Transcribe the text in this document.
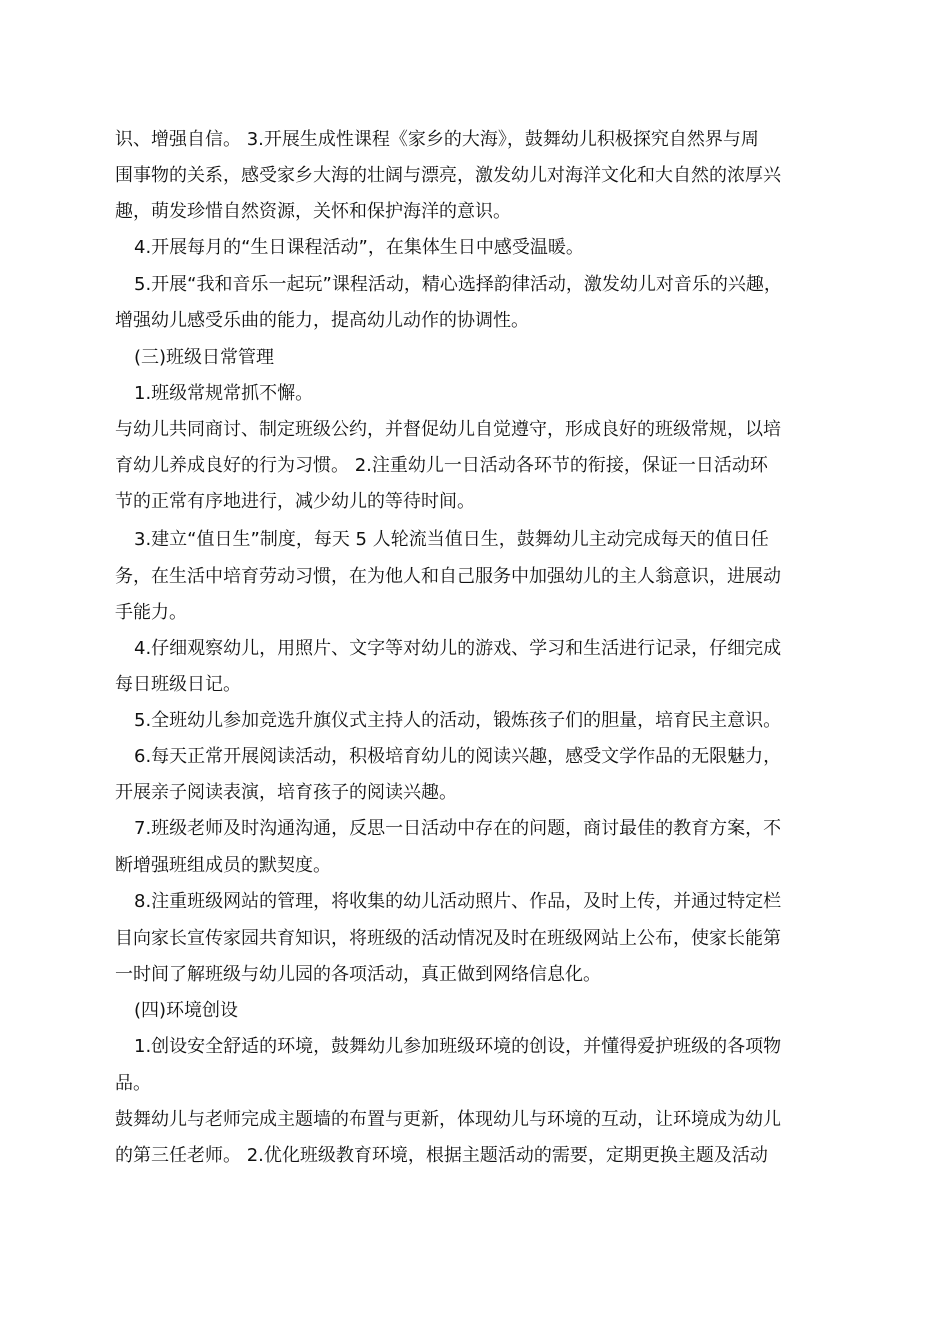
识、增强自信。 3.开展生成性课程《家乡的大海》，鼓舞幼儿积极探究自然界与周
围事物的关系，感受家乡大海的壮阔与漂亮，激发幼儿对海洋文化和大自然的浓厚兴
趣，萌发珍惜自然资源，关怀和保护海洋的意识。
4.开展每月的“生日课程活动”，在集体生日中感受温暖。
5.开展“我和音乐一起玩”课程活动，精心选择韵律活动，激发幼儿对音乐的兴趣，
增强幼儿感受乐曲的能力，提高幼儿动作的协调性。
(三)班级日常管理
1.班级常规常抓不懈。
与幼儿共同商讨、制定班级公约，并督促幼儿自觉遵守，形成良好的班级常规，以培
育幼儿养成良好的行为习惯。 2.注重幼儿一日活动各环节的衔接，保证一日活动环
节的正常有序地进行，减少幼儿的等待时间。
3.建立“值日生”制度，每天 5 人轮流当值日生，鼓舞幼儿主动完成每天的值日任
务，在生活中培育劳动习惯，在为他人和自己服务中加强幼儿的主人翁意识，进展动
手能力。
4.仔细观察幼儿，用照片、文字等对幼儿的游戏、学习和生活进行记录，仔细完成
每日班级日记。
5.全班幼儿参加竞选升旗仪式主持人的活动，锻炼孩子们的胆量，培育民主意识。
6.每天正常开展阅读活动，积极培育幼儿的阅读兴趣，感受文学作品的无限魅力，
开展亲子阅读表演，培育孩子的阅读兴趣。
7.班级老师及时沟通沟通，反思一日活动中存在的问题，商讨最佳的教育方案，不
断增强班组成员的默契度。
8.注重班级网站的管理，将收集的幼儿活动照片、作品，及时上传，并通过特定栏
目向家长宣传家园共育知识，将班级的活动情况及时在班级网站上公布，使家长能第
一时间了解班级与幼儿园的各项活动，真正做到网络信息化。
(四)环境创设
1.创设安全舒适的环境，鼓舞幼儿参加班级环境的创设，并懂得爱护班级的各项物
品。
鼓舞幼儿与老师完成主题墙的布置与更新，体现幼儿与环境的互动，让环境成为幼儿
的第三任老师。 2.优化班级教育环境，根据主题活动的需要，定期更换主题及活动
